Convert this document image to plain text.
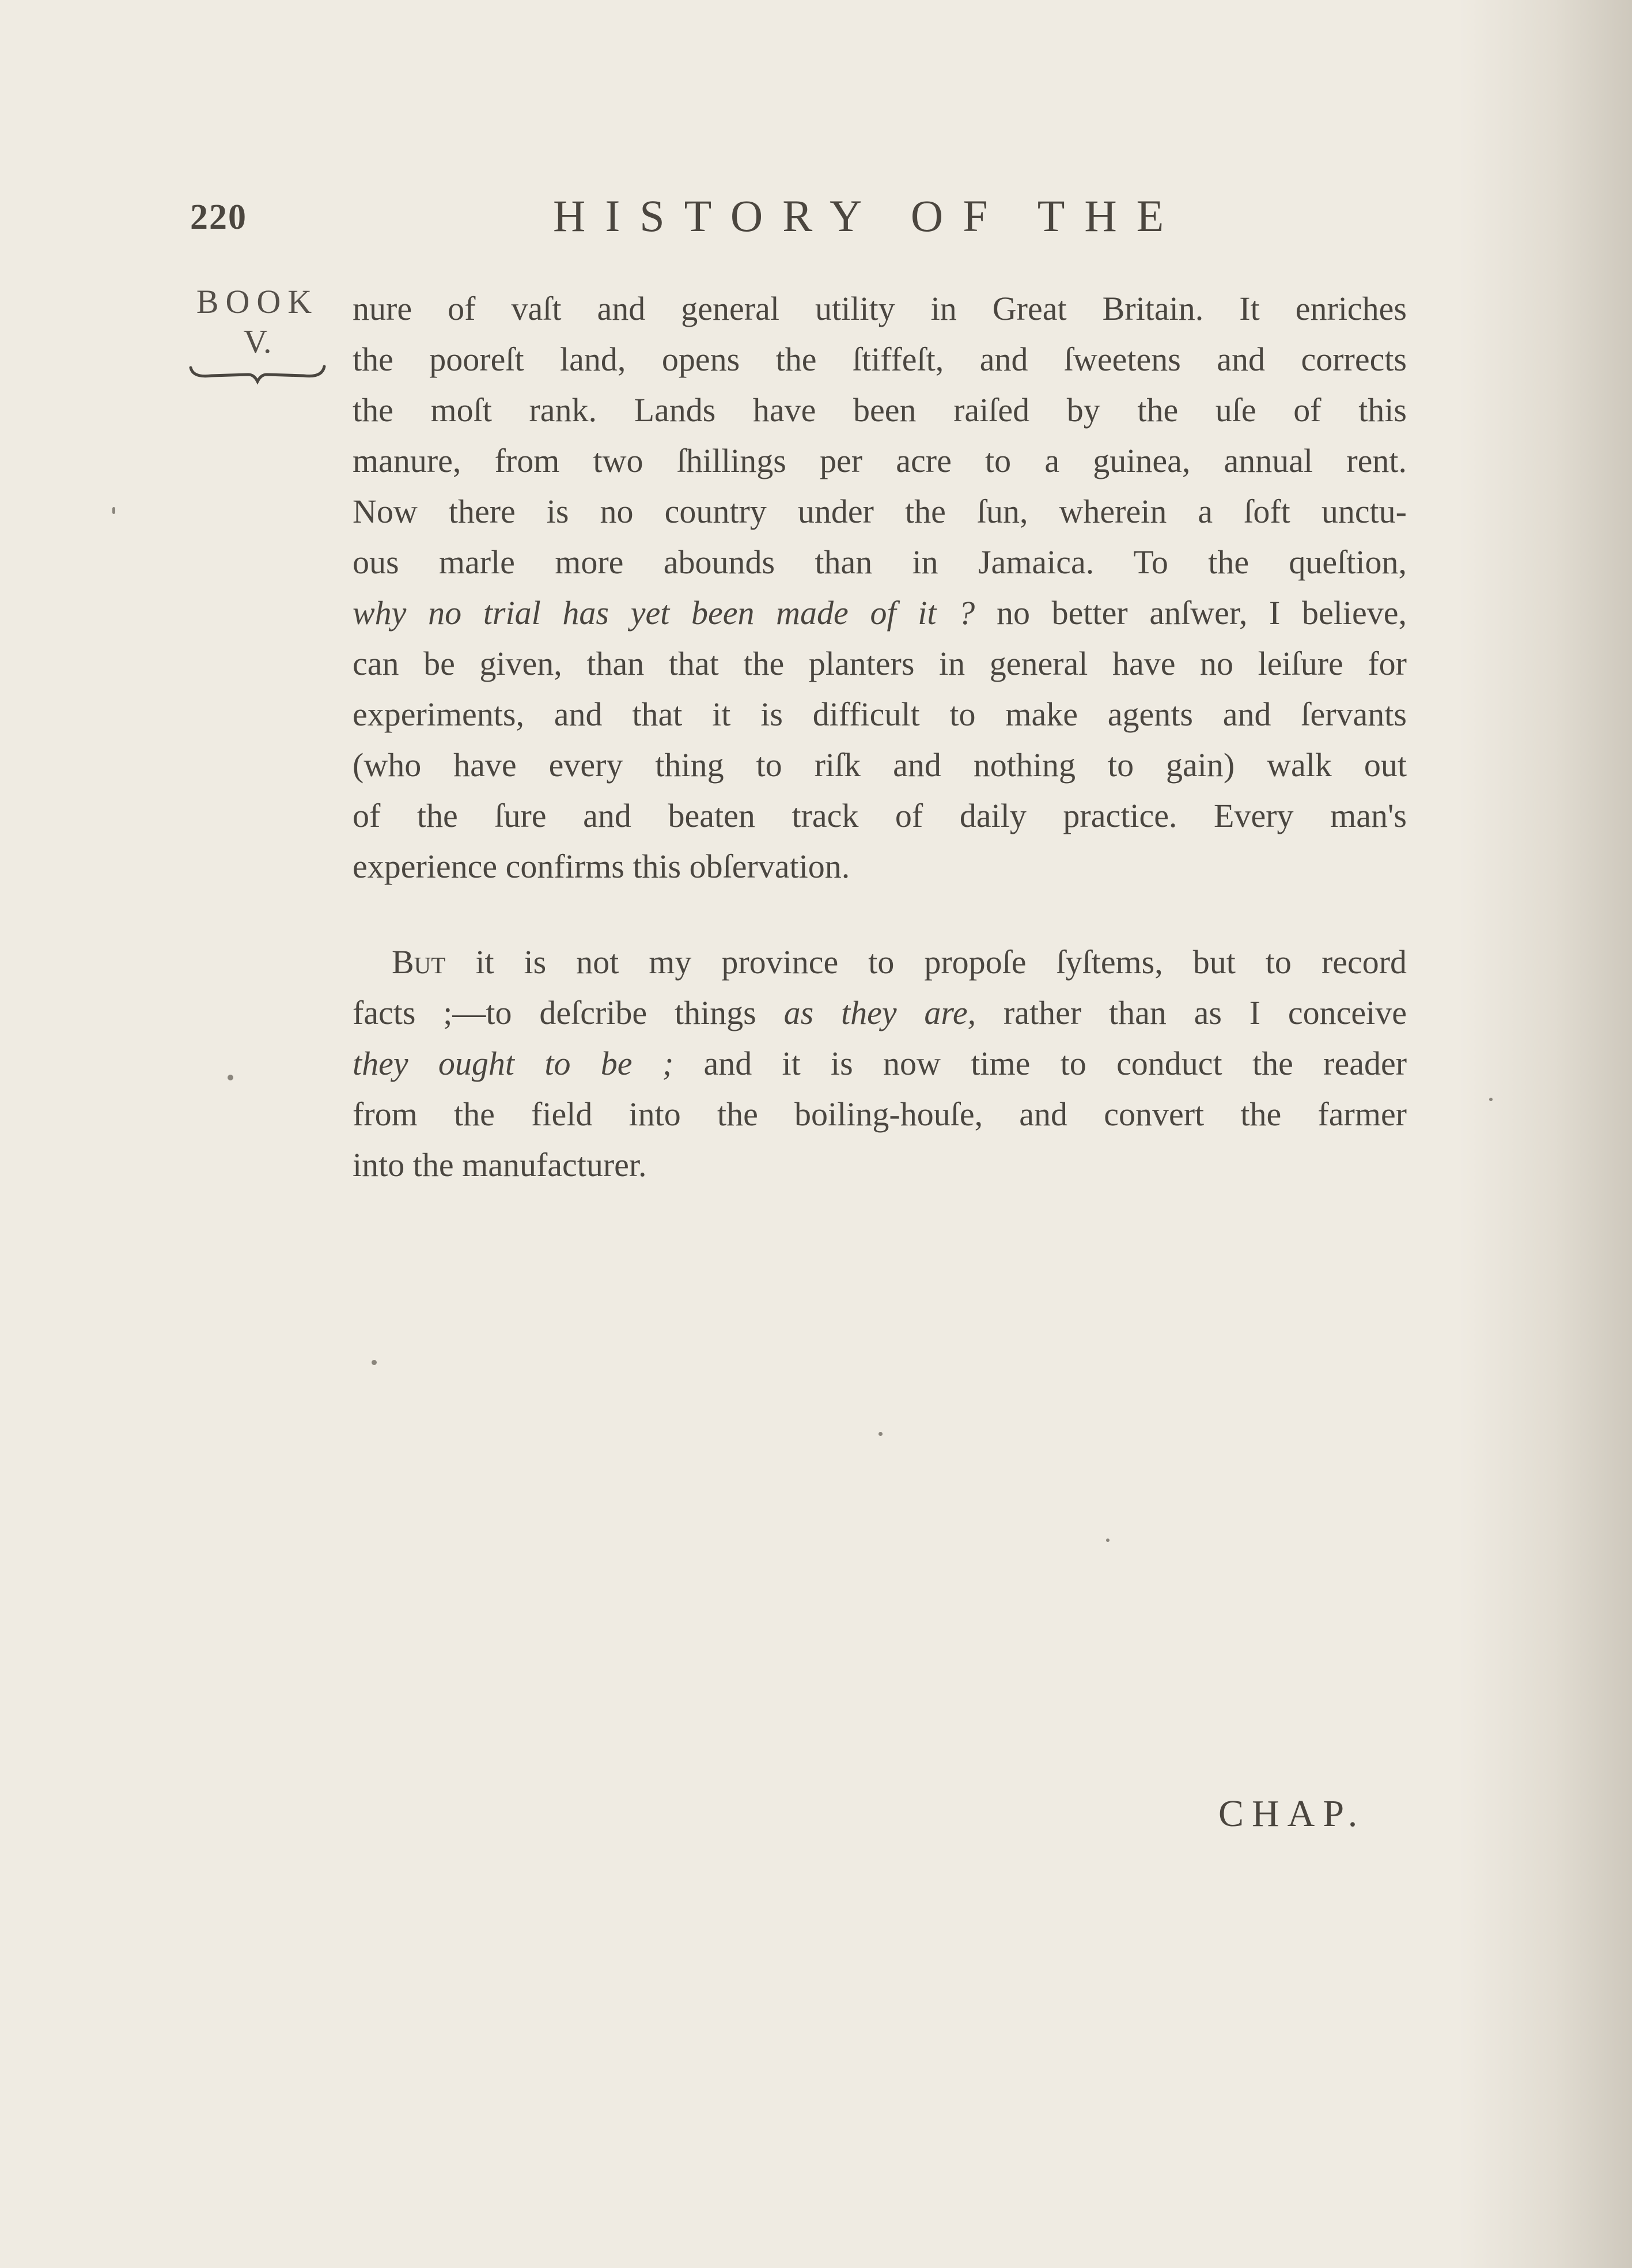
220	HISTORY OF THE
BOOK
V.
nure of vaſt and general utility in Great Britain. It enriches
the pooreſt land, opens the ſtiffeſt, and ſweetens and corrects
the moſt rank. Lands have been raiſed by the uſe of this
manure, from two ſhillings per acre to a guinea, annual rent.
Now there is no country under the ſun, wherein a ſoft unctu-
ous marle more abounds than in Jamaica. To the queſtion,
why no trial has yet been made of it ? no better anſwer, I believe,
can be given, than that the planters in general have no leiſure for
experiments, and that it is difficult to make agents and ſervants
(who have every thing to riſk and nothing to gain) walk out
of the ſure and beaten track of daily practice. Every man's
experience confirms this obſervation.
But it is not my province to propoſe ſyſtems, but to record
facts ;—to deſcribe things as they are, rather than as I conceive
they ought to be ; and it is now time to conduct the reader
from the field into the boiling-houſe, and convert the farmer
into the manufacturer.
CHAP.
